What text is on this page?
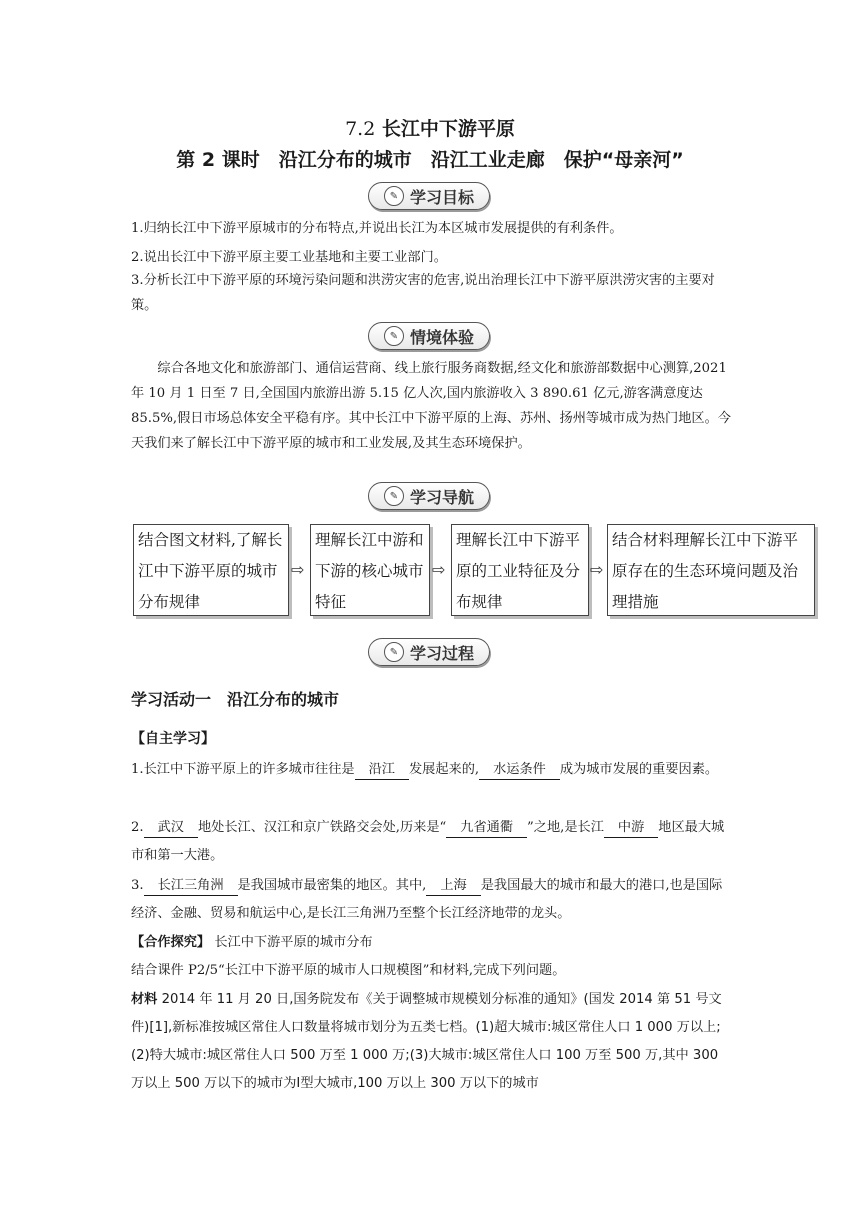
7.2 长江中下游平原
第 2 课时　沿江分布的城市　沿江工业走廊　保护“母亲河”
✎ 学习目标
1.归纳长江中下游平原城市的分布特点,并说出长江为本区城市发展提供的有利条件。
2.说出长江中下游平原主要工业基地和主要工业部门。
3.分析长江中下游平原的环境污染问题和洪涝灾害的危害,说出治理长江中下游平原洪涝灾害的主要对策。
✎ 情境体验
综合各地文化和旅游部门、通信运营商、线上旅行服务商数据,经文化和旅游部数据中心测算,2021 年 10 月 1 日至 7 日,全国国内旅游出游 5.15 亿人次,国内旅游收入 3 890.61 亿元,游客满意度达 85.5%,假日市场总体安全平稳有序。其中长江中下游平原的上海、苏州、扬州等城市成为热门地区。今天我们来了解长江中下游平原的城市和工业发展,及其生态环境保护。
✎ 学习导航
结合图文材料,了解长江中下游平原的城市分布规律
⇨
理解长江中游和下游的核心城市特征
⇨
理解长江中下游平原的工业特征及分布规律
⇨
结合材料理解长江中下游平原存在的生态环境问题及治理措施
✎ 学习过程
学习活动一　沿江分布的城市
【自主学习】
1.长江中下游平原上的许多城市往往是 沿江 发展起来的, 水运条件 成为城市发展的重要因素。
2. 武汉 地处长江、汉江和京广铁路交会处,历来是“ 九省通衢 ”之地,是长江 中游 地区最大城市和第一大港。
3. 长江三角洲 是我国城市最密集的地区。其中, 上海 是我国最大的城市和最大的港口,也是国际经济、金融、贸易和航运中心,是长江三角洲乃至整个长江经济地带的龙头。
【合作探究】 长江中下游平原的城市分布
结合课件 P2/5“长江中下游平原的城市人口规模图”和材料,完成下列问题。
材料 2014 年 11 月 20 日,国务院发布《关于调整城市规模划分标准的通知》(国发 2014 第 51 号文件)[1],新标准按城区常住人口数量将城市划分为五类七档。(1)超大城市:城区常住人口 1 000 万以上;(2)特大城市:城区常住人口 500 万至 1 000 万;(3)大城市:城区常住人口 100 万至 500 万,其中 300 万以上 500 万以下的城市为Ⅰ型大城市,100 万以上 300 万以下的城市
